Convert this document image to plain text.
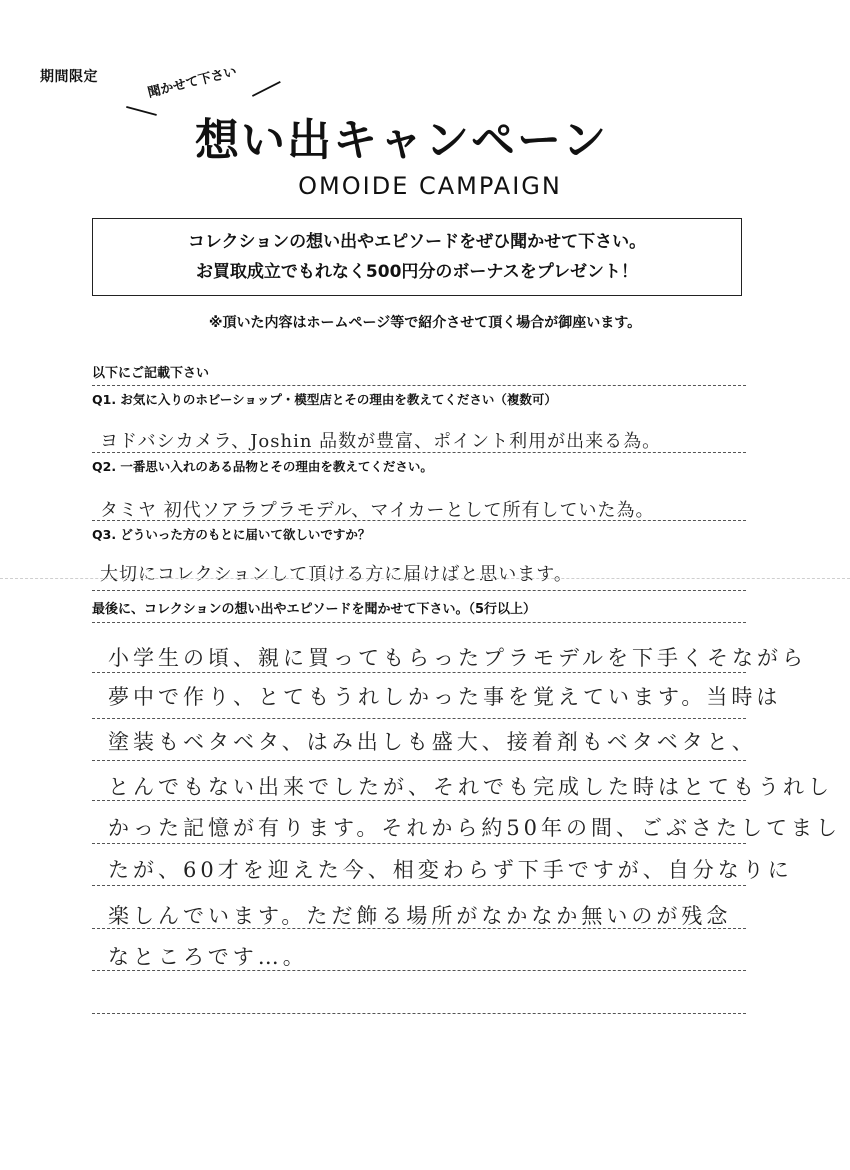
期間限定
＼
聞かせて下さい ／
想い出キャンペーン
OMOIDE CAMPAIGN
コレクションの想い出やエピソードをぜひ聞かせて下さい。
お買取成立でもれなく500円分のボーナスをプレゼント！
※頂いた内容はホームページ等で紹介させて頂く場合が御座います。
以下にご記載下さい
Q1. お気に入りのホビーショップ・模型店とその理由を教えてください（複数可）
ヨドバシカメラ、Joshin 品数が豊富、ポイント利用が出来る為。
Q2. 一番思い入れのある品物とその理由を教えてください。
タミヤ 初代ソアラプラモデル、マイカーとして所有していた為。
Q3. どういった方のもとに届いて欲しいですか？
大切にコレクションして頂ける方に届けばと思います。
最後に、コレクションの想い出やエピソードを聞かせて下さい。（5行以上）
小学生の頃、親に買ってもらったプラモデルを下手くそながら
夢中で作り、とてもうれしかった事を覚えています。当時は
塗装もベタベタ、はみ出しも盛大、接着剤もベタベタと、
とんでもない出来でしたが、それでも完成した時はとてもうれし
かった記憶が有ります。それから約50年の間、ごぶさたしてまし
たが、60才を迎えた今、相変わらず下手ですが、自分なりに
楽しんでいます。ただ飾る場所がなかなか無いのが残念
なところです…。
